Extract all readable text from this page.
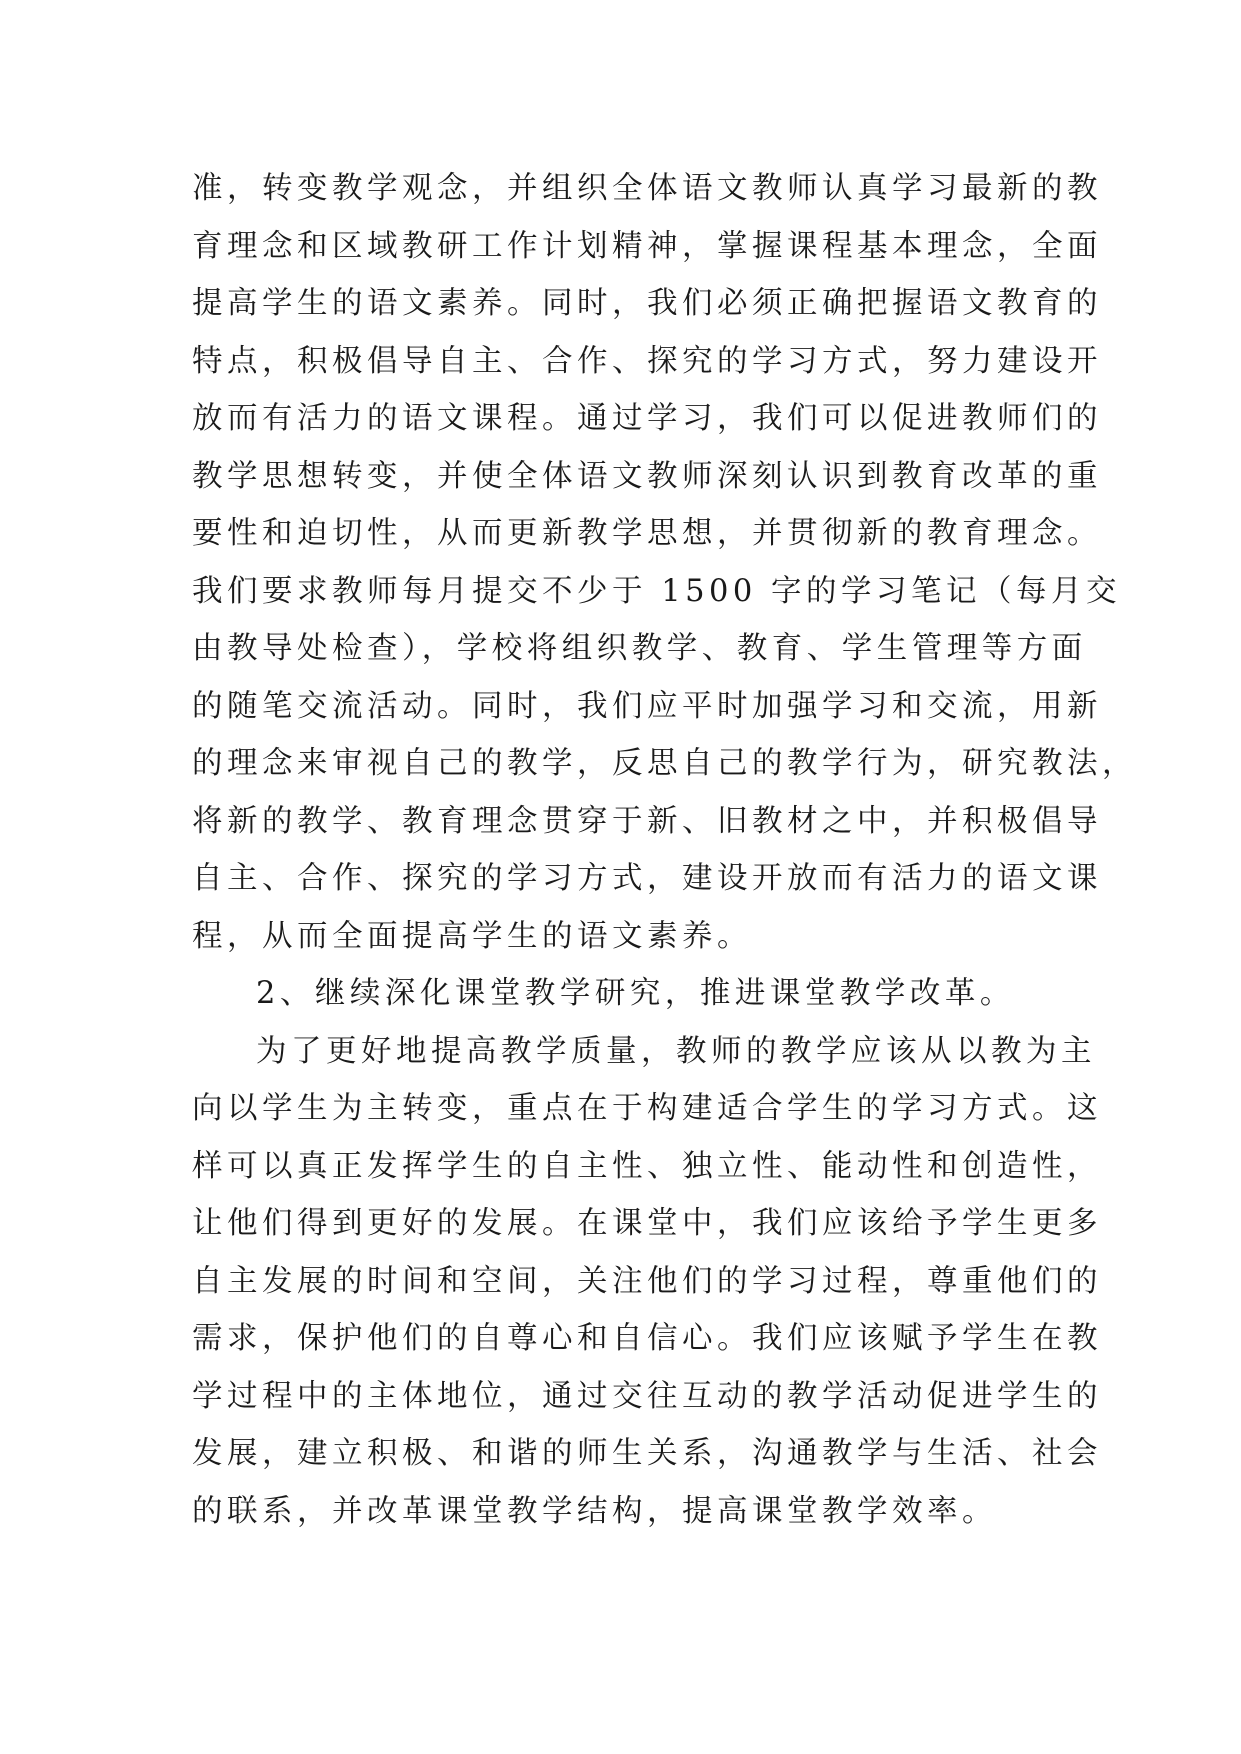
准，转变教学观念，并组织全体语文教师认真学习最新的教
育理念和区域教研工作计划精神，掌握课程基本理念，全面
提高学生的语文素养。同时，我们必须正确把握语文教育的
特点，积极倡导自主、合作、探究的学习方式，努力建设开
放而有活力的语文课程。通过学习，我们可以促进教师们的
教学思想转变，并使全体语文教师深刻认识到教育改革的重
要性和迫切性，从而更新教学思想，并贯彻新的教育理念。
我们要求教师每月提交不少于 1500 字的学习笔记（每月交
由教导处检查），学校将组织教学、教育、学生管理等方面
的随笔交流活动。同时，我们应平时加强学习和交流，用新
的理念来审视自己的教学，反思自己的教学行为，研究教法，
将新的教学、教育理念贯穿于新、旧教材之中，并积极倡导
自主、合作、探究的学习方式，建设开放而有活力的语文课
程，从而全面提高学生的语文素养。
2、继续深化课堂教学研究，推进课堂教学改革。
为了更好地提高教学质量，教师的教学应该从以教为主
向以学生为主转变，重点在于构建适合学生的学习方式。这
样可以真正发挥学生的自主性、独立性、能动性和创造性，
让他们得到更好的发展。在课堂中，我们应该给予学生更多
自主发展的时间和空间，关注他们的学习过程，尊重他们的
需求，保护他们的自尊心和自信心。我们应该赋予学生在教
学过程中的主体地位，通过交往互动的教学活动促进学生的
发展，建立积极、和谐的师生关系，沟通教学与生活、社会
的联系，并改革课堂教学结构，提高课堂教学效率。
